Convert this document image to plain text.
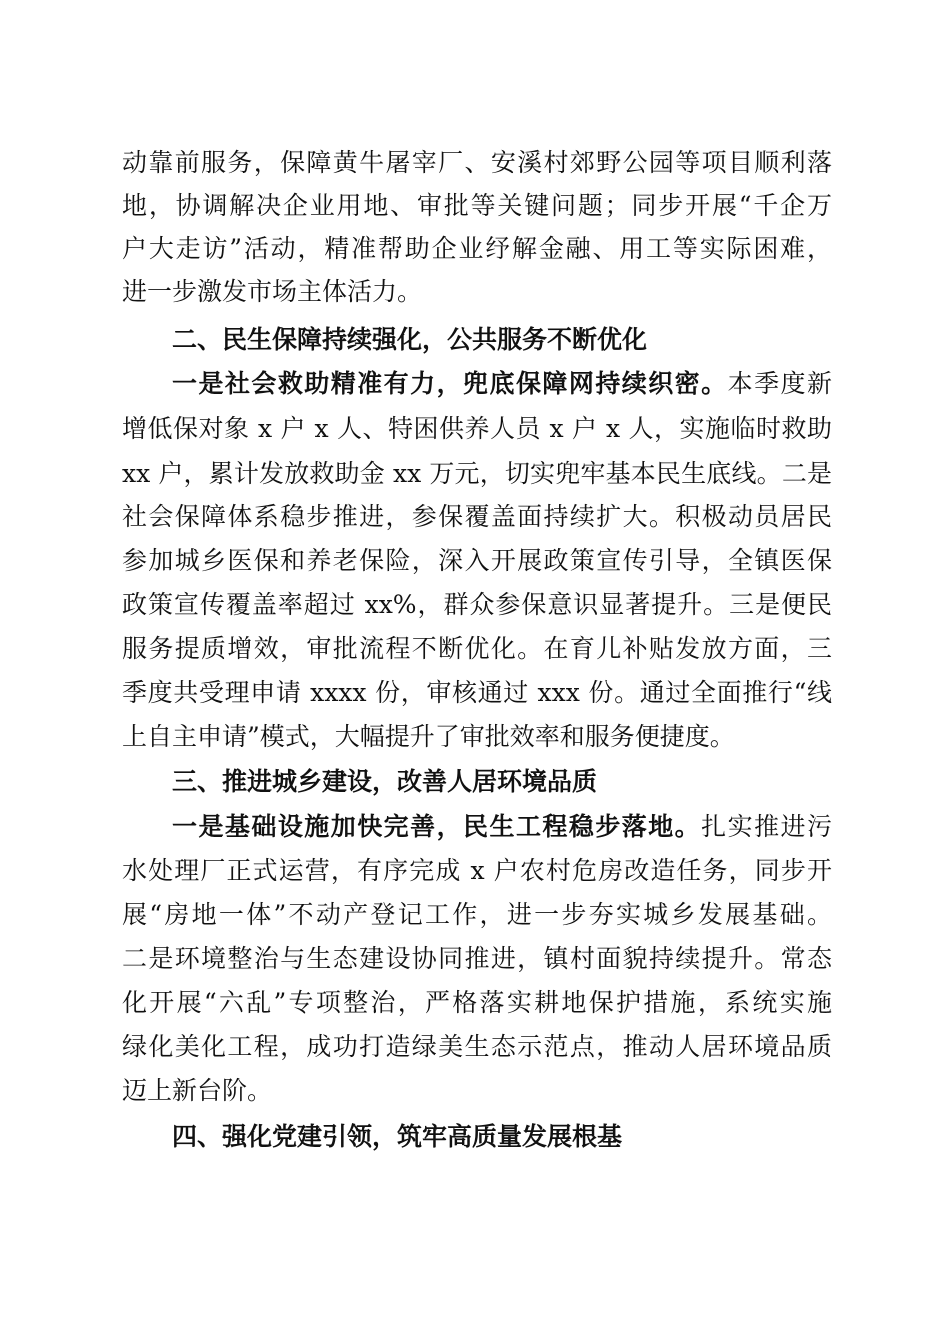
动靠前服务，保障黄牛屠宰厂、安溪村郊野公园等项目顺利落
地，协调解决企业用地、审批等关键问题；同步开展“千企万
户大走访”活动，精准帮助企业纾解金融、用工等实际困难，
进一步激发市场主体活力。
二、民生保障持续强化，公共服务不断优化
一是社会救助精准有力，兜底保障网持续织密。本季度新
增低保对象 x 户 x 人、特困供养人员 x 户 x 人，实施临时救助
xx 户，累计发放救助金 xx 万元，切实兜牢基本民生底线。二是
社会保障体系稳步推进，参保覆盖面持续扩大。积极动员居民
参加城乡医保和养老保险，深入开展政策宣传引导，全镇医保
政策宣传覆盖率超过 xx%，群众参保意识显著提升。三是便民
服务提质增效，审批流程不断优化。在育儿补贴发放方面，三
季度共受理申请 xxxx 份，审核通过 xxx 份。通过全面推行“线
上自主申请”模式，大幅提升了审批效率和服务便捷度。
三、推进城乡建设，改善人居环境品质
一是基础设施加快完善，民生工程稳步落地。扎实推进污
水处理厂正式运营，有序完成 x 户农村危房改造任务，同步开
展“房地一体”不动产登记工作，进一步夯实城乡发展基础。
二是环境整治与生态建设协同推进，镇村面貌持续提升。常态
化开展“六乱”专项整治，严格落实耕地保护措施，系统实施
绿化美化工程，成功打造绿美生态示范点，推动人居环境品质
迈上新台阶。
四、强化党建引领，筑牢高质量发展根基
